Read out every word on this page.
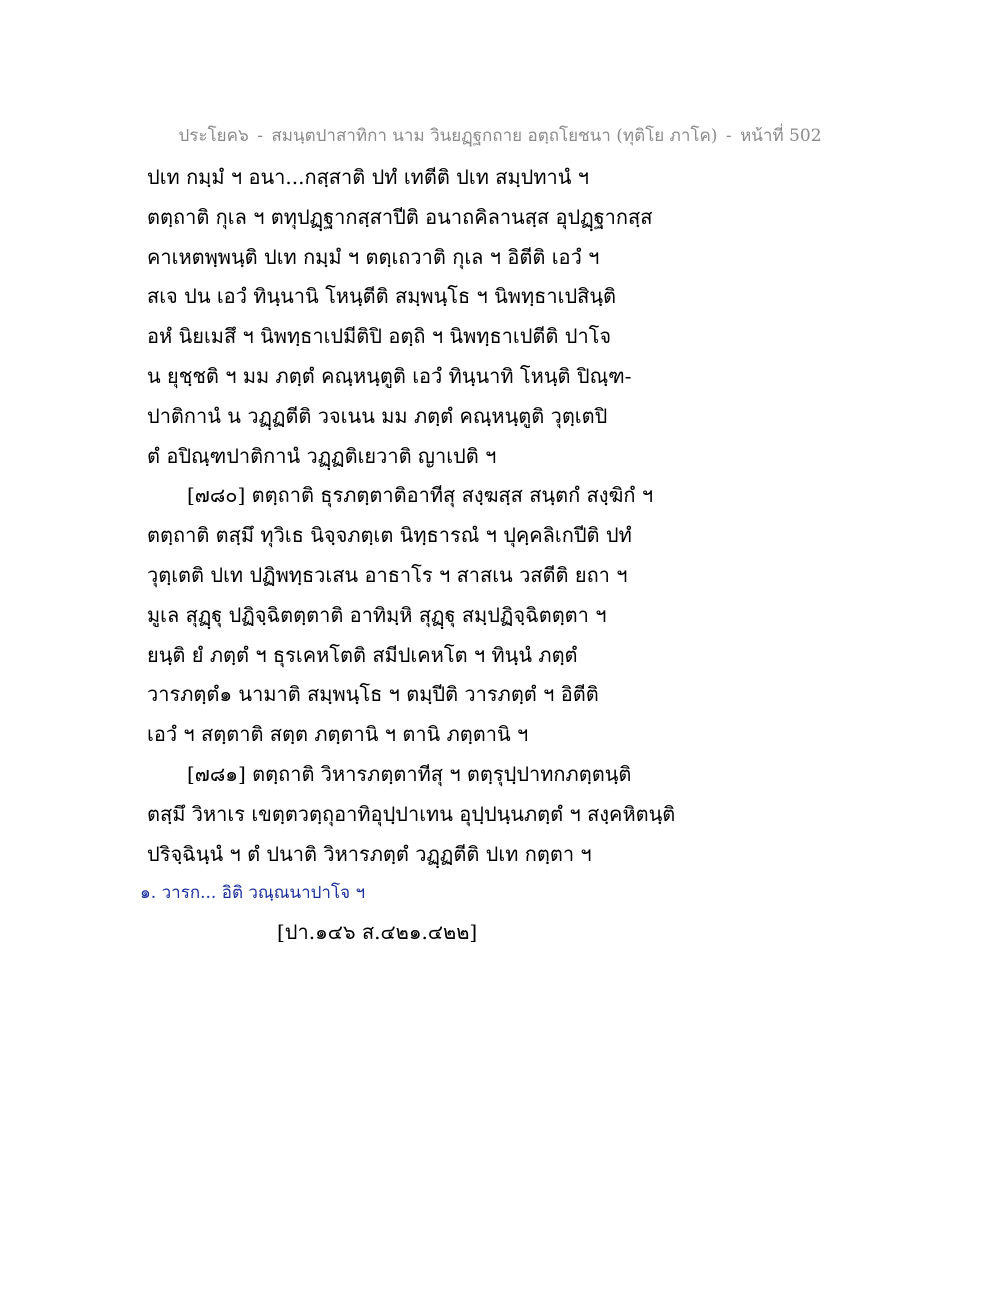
ประโยค๖ - สมนฺตปาสาทิกา นาม วินยฏฺฐกถาย อตฺถโยชนา (ทุติโย ภาโค) - หน้าที่ 502
ปเท กมฺมํ ฯ อนา...กสฺสาติ ปทํ เทตีติ ปเท สมฺปทานํ ฯ
ตตฺถาติ กุเล ฯ ตทุปฏฺฐากสฺสาปีติ อนาถคิลานสฺส อุปฏฺฐากสฺส
คาเหตพฺพนฺติ ปเท กมฺมํ ฯ ตตฺเถวาติ กุเล ฯ อิตีติ เอวํ ฯ
สเจ ปน เอวํ ทินฺนานิ โหนฺตีติ สมฺพนฺโธ ฯ นิพทฺธาเปสินฺติ
อหํ นิยเมสึ ฯ นิพทฺธาเปมีติปิ อตฺถิ ฯ นิพทฺธาเปตีติ ปาโจ
น ยุชฺชติ ฯ มม ภตฺตํ คณฺหนฺตูติ เอวํ ทินฺนาทิ โหนฺติ ปิณฺฑ-
ปาติกานํ น วฏฺฏตีติ วจเนน มม ภตฺตํ คณฺหนฺตูติ วุตฺเตปิ
ตํ อปิณฺฑปาติกานํ วฏฺฏติเยวาติ ญาเปติ ฯ
[๗๘๐] ตตฺถาติ ธุรภตฺตาติอาทีสุ สงฺฆสฺส สนฺตกํ สงฺฆิกํ ฯ
ตตฺถาติ ตสฺมึ ทุวิเธ นิจฺจภตฺเต นิทฺธารณํ ฯ ปุคฺคลิเกปีติ ปทํ
วุตฺเตติ ปเท ปฏิพทฺธวเสน อาธาโร ฯ สาสเน วสตีติ ยถา ฯ
มูเล สุฏฺฐุ ปฏิจฺฉิตตฺตาติ อาทิมฺหิ สุฏฺฐุ สมฺปฏิจฺฉิตตฺตา ฯ
ยนฺติ ยํ ภตฺตํ ฯ ธุรเคหโตติ สมีปเคหโต ฯ ทินฺนํ ภตฺตํ
วารภตฺตํ๑ นามาติ สมฺพนฺโธ ฯ ตมฺปีติ วารภตฺตํ ฯ อิตีติ
เอวํ ฯ สตฺตาติ สตฺต ภตฺตานิ ฯ ตานิ ภตฺตานิ ฯ
[๗๘๑] ตตฺถาติ วิหารภตฺตาทีสุ ฯ ตตฺรุปฺปาทกภตฺตนฺติ
ตสฺมึ วิหาเร เขตฺตวตฺถุอาทิอุปฺปาเทน อุปฺปนฺนภตฺตํ ฯ สงฺคหิตนฺติ
ปริจฺฉินฺนํ ฯ ตํ ปนาติ วิหารภตฺตํ วฏฺฏตีติ ปเท กตฺตา ฯ
๑. วารก... อิติ วณฺณนาปาโจ ฯ
[ปา.๑๔๖ ส.๔๒๑.๔๒๒]
